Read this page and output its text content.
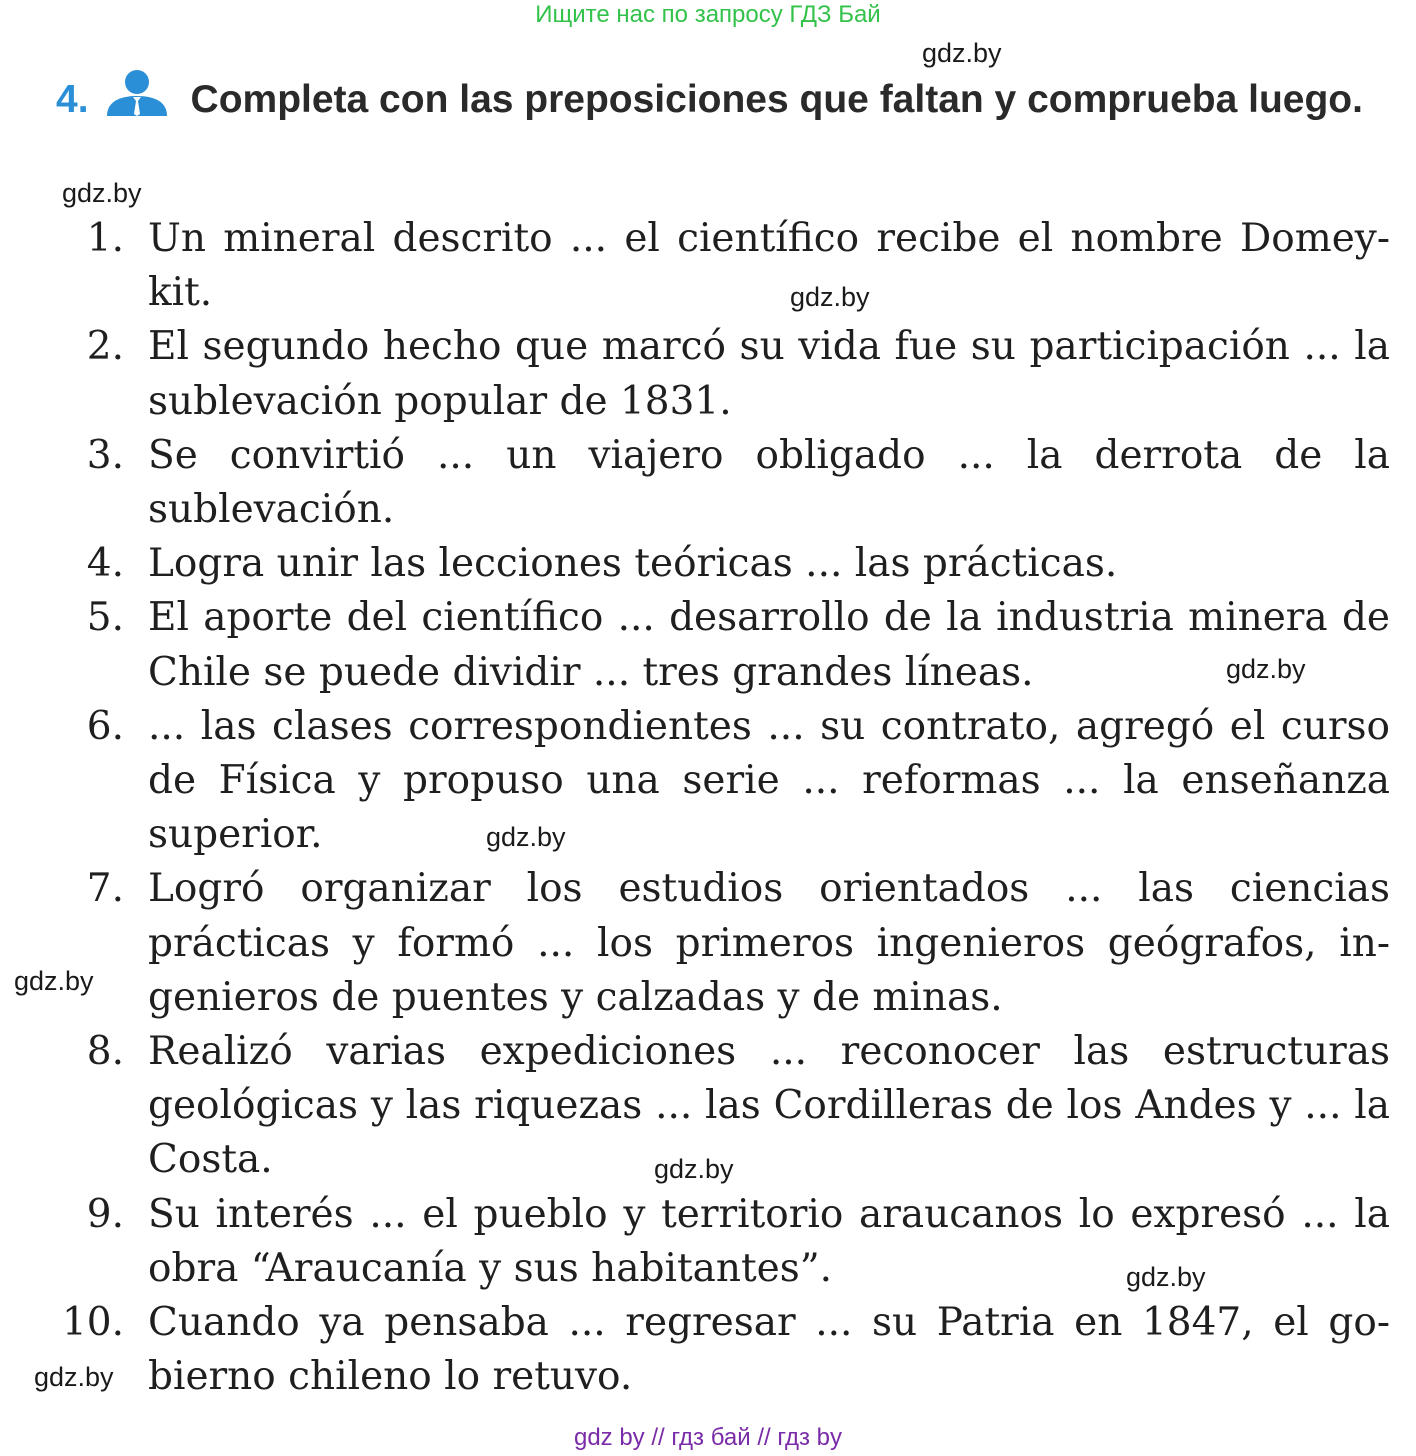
Ищите нас по запросу ГДЗ Бай
gdz.by
gdz.by
gdz.by
gdz.by
gdz.by
gdz.by
gdz.by
gdz.by
gdz.by
4.	Completa con las preposiciones que faltan y comprueba luego.
1. Un mineral descrito ... el científico recibe el nombre Domeykit.
2. El segundo hecho que marcó su vida fue su participación ... la sublevación popular de 1831.
3. Se convirtió ... un viajero obligado ... la derrota de la sublevación.
4. Logra unir las lecciones teóricas ... las prácticas.
5. El aporte del científico ... desarrollo de la industria minera de Chile se puede dividir ... tres grandes líneas.
6. ... las clases correspondientes ... su contrato, agregó el curso de Física y propuso una serie ... reformas ... la enseñanza superior.
7. Logró organizar los estudios orientados ... las ciencias prácticas y formó ... los primeros ingenieros geógrafos, ingenieros de puentes y calzadas y de minas.
8. Realizó varias expediciones ... reconocer las estructuras geológicas y las riquezas ... las Cordilleras de los Andes y ... la Costa.
9. Su interés ... el pueblo y territorio araucanos lo expresó ... la obra “Araucanía y sus habitantes”.
10. Cuando ya pensaba ... regresar ... su Patria en 1847, el gobierno chileno lo retuvo.
gdz by // гдз бай // гдз by
